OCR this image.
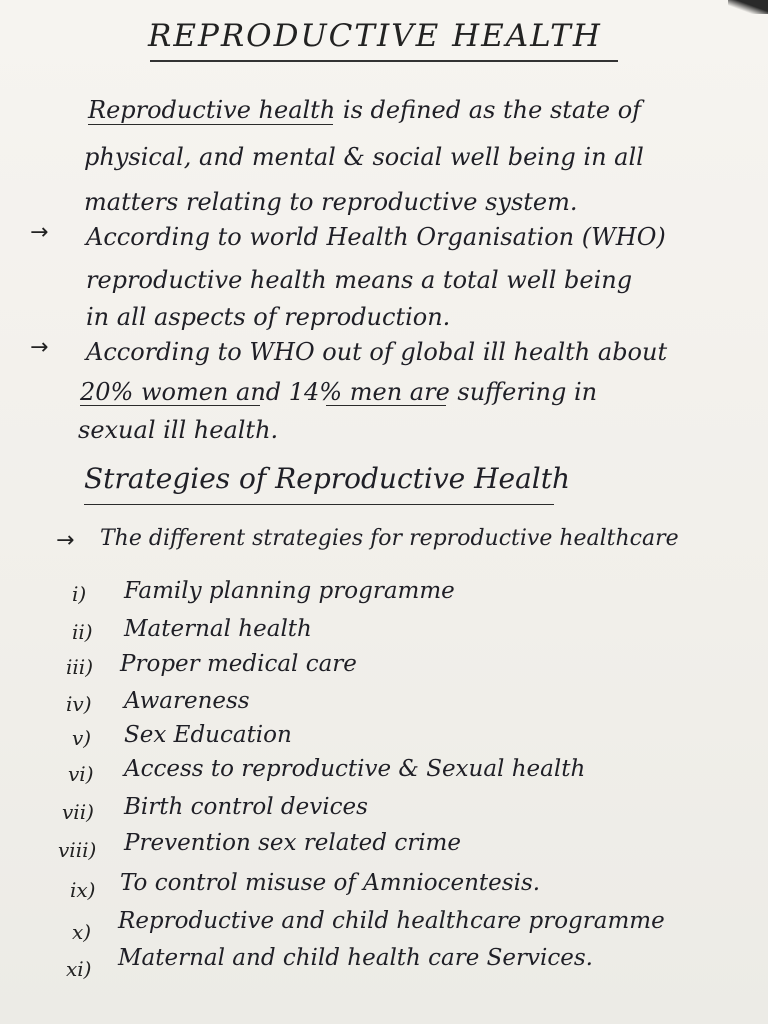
REPRODUCTIVE HEALTH
Reproductive health is defined as the state of
physical, and mental & social well being in all
matters relating to reproductive system.
→ According to world Health Organisation (WHO)
reproductive health means a total well being
in all aspects of reproduction.
→ According to WHO out of global ill health about
20% women and 14% men are suffering in
sexual ill health.
Strategies of Reproductive Health
→ The different strategies for reproductive healthcare
i)	Family planning programme
ii)	Maternal health
iii)	Proper medical care
iv)	Awareness
v)	Sex Education
vi)	Access to reproductive & Sexual health
vii)	Birth control devices
viii)	Prevention sex related crime
ix)	To control misuse of Amniocentesis.
x)	Reproductive and child healthcare programme
xi)	Maternal and child health care Services.
